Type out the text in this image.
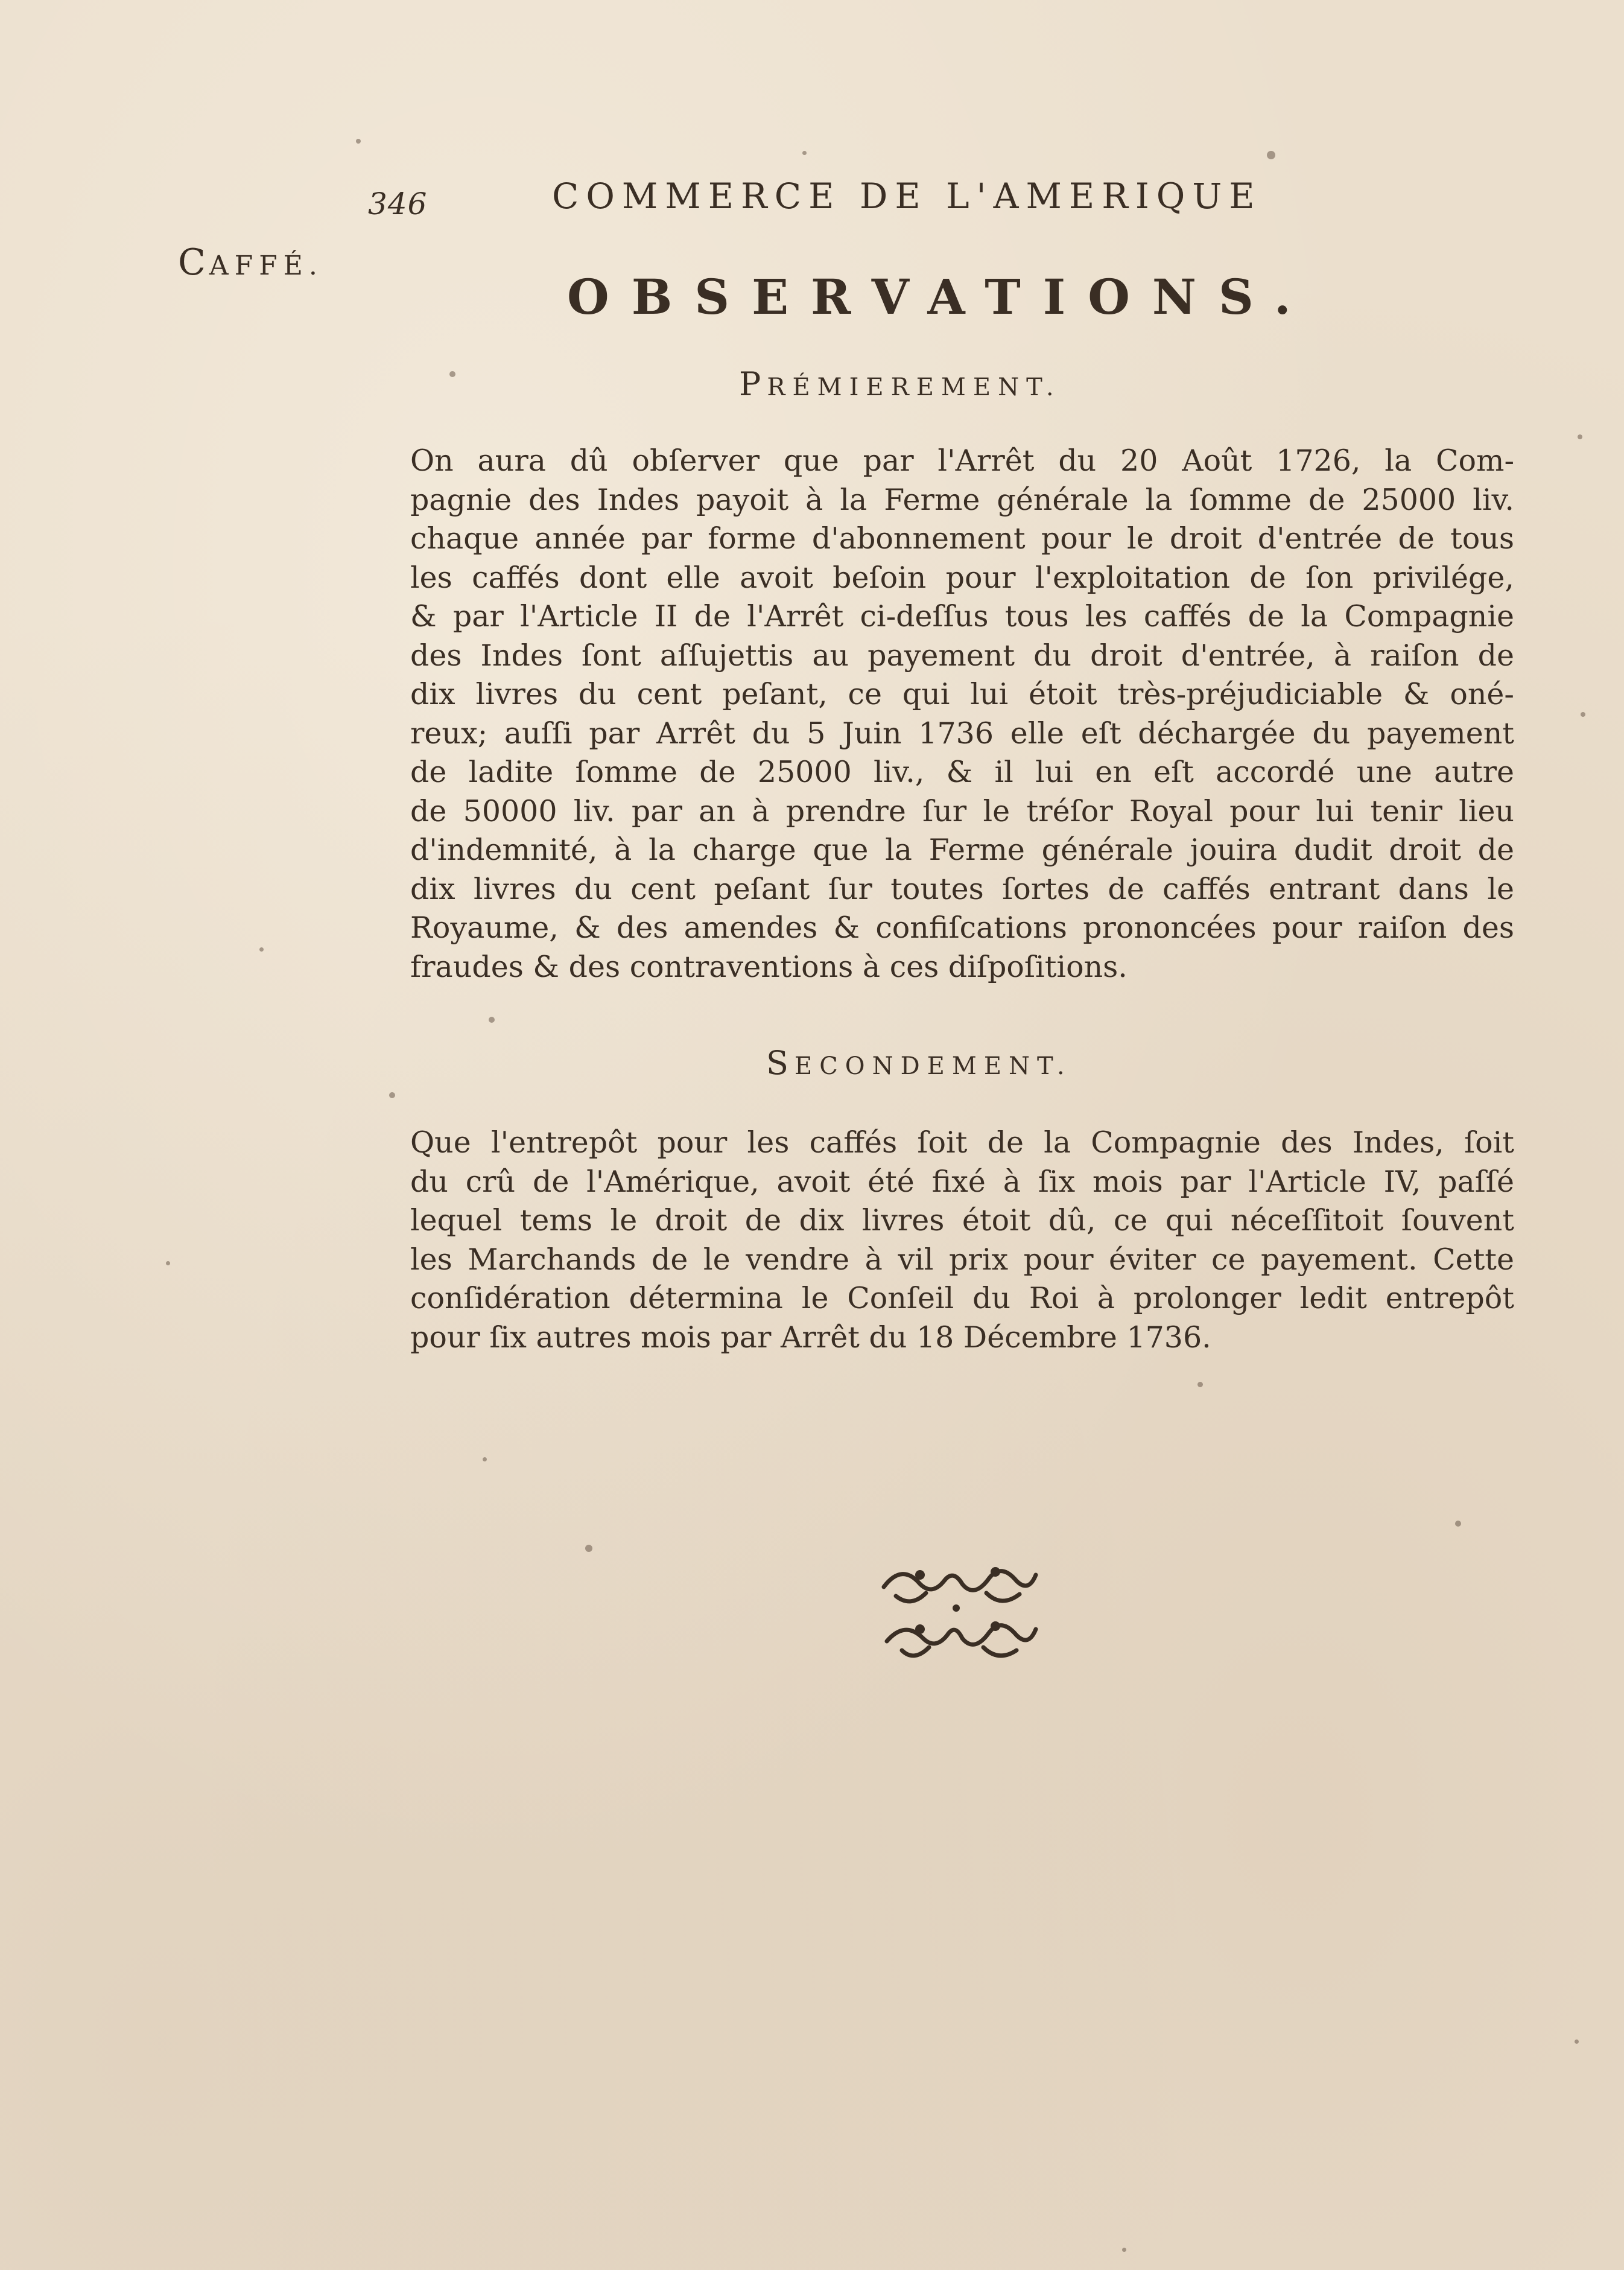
346	COMMERCE DE L'AMERIQUE
CAFFÉ.
OBSERVATIONS.
PRÉMIEREMENT.
On aura dû obſerver que par l'Arrêt du 20 Août 1726, la Com-
pagnie des Indes payoit à la Ferme générale la ſomme de 25000 liv.
chaque année par forme d'abonnement pour le droit d'entrée de tous
les caffés dont elle avoit beſoin pour l'exploitation de ſon privilége,
& par l'Article II de l'Arrêt ci-deſſus tous les caffés de la Compagnie
des Indes ſont aſſujettis au payement du droit d'entrée, à raiſon de
dix livres du cent peſant, ce qui lui étoit très-préjudiciable & oné-
reux; auſſi par Arrêt du 5 Juin 1736 elle eſt déchargée du payement
de ladite ſomme de 25000 liv., & il lui en eſt accordé une autre
de 50000 liv. par an à prendre ſur le tréſor Royal pour lui tenir lieu
d'indemnité, à la charge que la Ferme générale jouira dudit droit de
dix livres du cent peſant ſur toutes ſortes de caffés entrant dans le
Royaume, & des amendes & confiſcations prononcées pour raiſon des
fraudes & des contraventions à ces diſpoſitions.
SECONDEMENT.
Que l'entrepôt pour les caffés ſoit de la Compagnie des Indes, ſoit
du crû de l'Amérique, avoit été fixé à ſix mois par l'Article IV, paſſé
lequel tems le droit de dix livres étoit dû, ce qui néceſſitoit ſouvent
les Marchands de le vendre à vil prix pour éviter ce payement. Cette
conſidération détermina le Conſeil du Roi à prolonger ledit entrepôt
pour ſix autres mois par Arrêt du 18 Décembre 1736.
